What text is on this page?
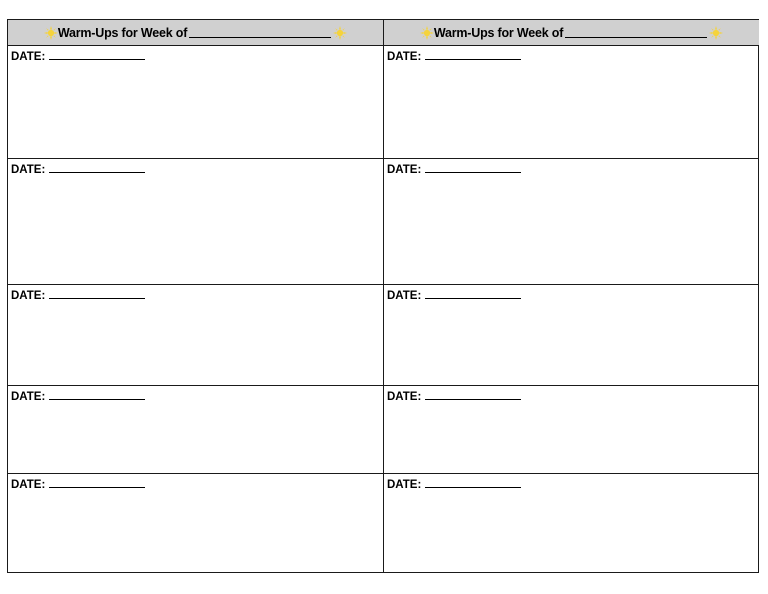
Warm-Ups for Week of
DATE:
DATE:
DATE:
DATE:
DATE:
Warm-Ups for Week of
DATE:
DATE:
DATE:
DATE:
DATE:
